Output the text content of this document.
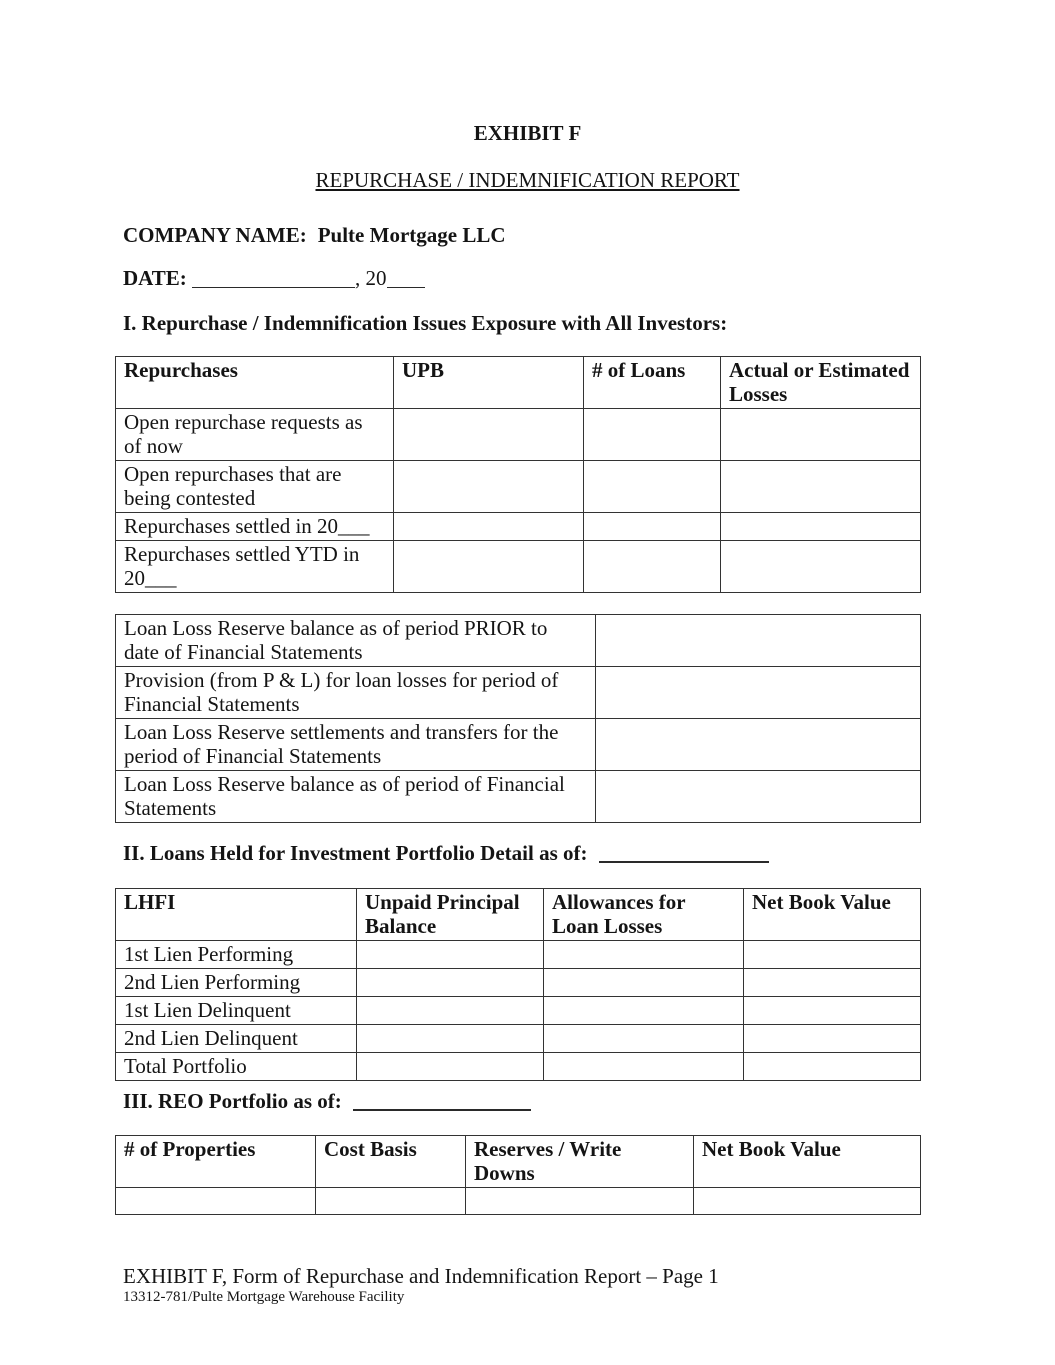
EXHIBIT F
REPURCHASE / INDEMNIFICATION REPORT
COMPANY NAME: Pulte Mortgage LLC
DATE:	, 20
I. Repurchase / Indemnification Issues Exposure with All Investors:
Repurchases	UPB	# of Loans	Actual or Estimated Losses
Open repurchase requests as of now			
Open repurchases that are being contested			
Repurchases settled in 20___			
Repurchases settled YTD in 20___			
Loan Loss Reserve balance as of period PRIOR to date of Financial Statements	
Provision (from P & L) for loan losses for period of Financial Statements	
Loan Loss Reserve settlements and transfers for the period of Financial Statements	
Loan Loss Reserve balance as of period of Financial Statements	
II. Loans Held for Investment Portfolio Detail as of:
LHFI	Unpaid Principal Balance	Allowances for Loan Losses	Net Book Value
1st Lien Performing			
2nd Lien Performing			
1st Lien Delinquent			
2nd Lien Delinquent			
Total Portfolio			
III. REO Portfolio as of:
# of Properties	Cost Basis	Reserves / Write Downs	Net Book Value

EXHIBIT F, Form of Repurchase and Indemnification Report – Page 1
13312-781/Pulte Mortgage Warehouse Facility
